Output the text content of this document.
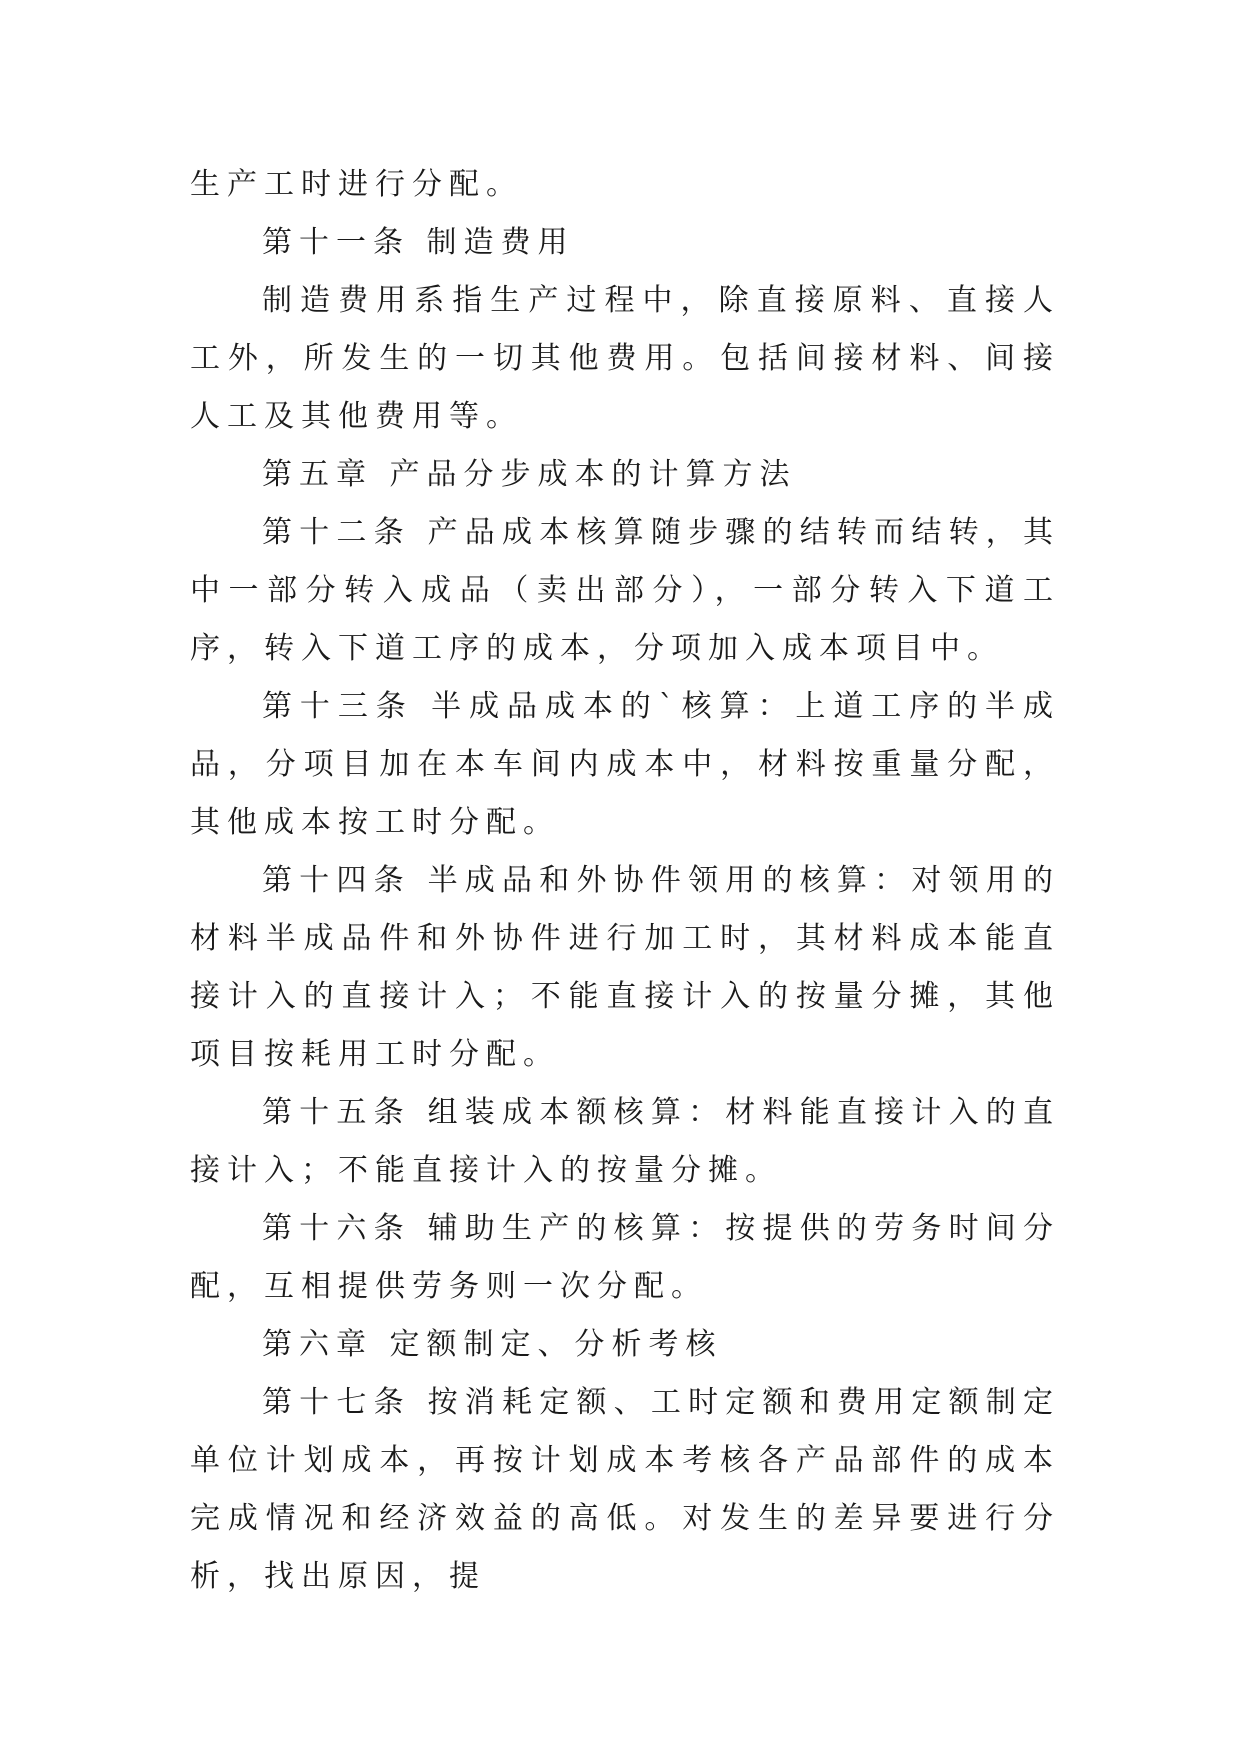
生产工时进行分配。

第十一条 制造费用

制造费用系指生产过程中，除直接原料、直接人工外，所发生的一切其他费用。包括间接材料、间接人工及其他费用等。

第五章 产品分步成本的计算方法

第十二条 产品成本核算随步骤的结转而结转，其中一部分转入成品（卖出部分），一部分转入下道工序，转入下道工序的成本，分项加入成本项目中。

第十三条 半成品成本的`核算：上道工序的半成品，分项目加在本车间内成本中，材料按重量分配，其他成本按工时分配。

第十四条 半成品和外协件领用的核算：对领用的材料半成品件和外协件进行加工时，其材料成本能直接计入的直接计入；不能直接计入的按量分摊，其他项目按耗用工时分配。

第十五条 组装成本额核算：材料能直接计入的直接计入；不能直接计入的按量分摊。

第十六条 辅助生产的核算：按提供的劳务时间分配，互相提供劳务则一次分配。

第六章 定额制定、分析考核

第十七条 按消耗定额、工时定额和费用定额制定单位计划成本，再按计划成本考核各产品部件的成本完成情况和经济效益的高低。对发生的差异要进行分析，找出原因，提
